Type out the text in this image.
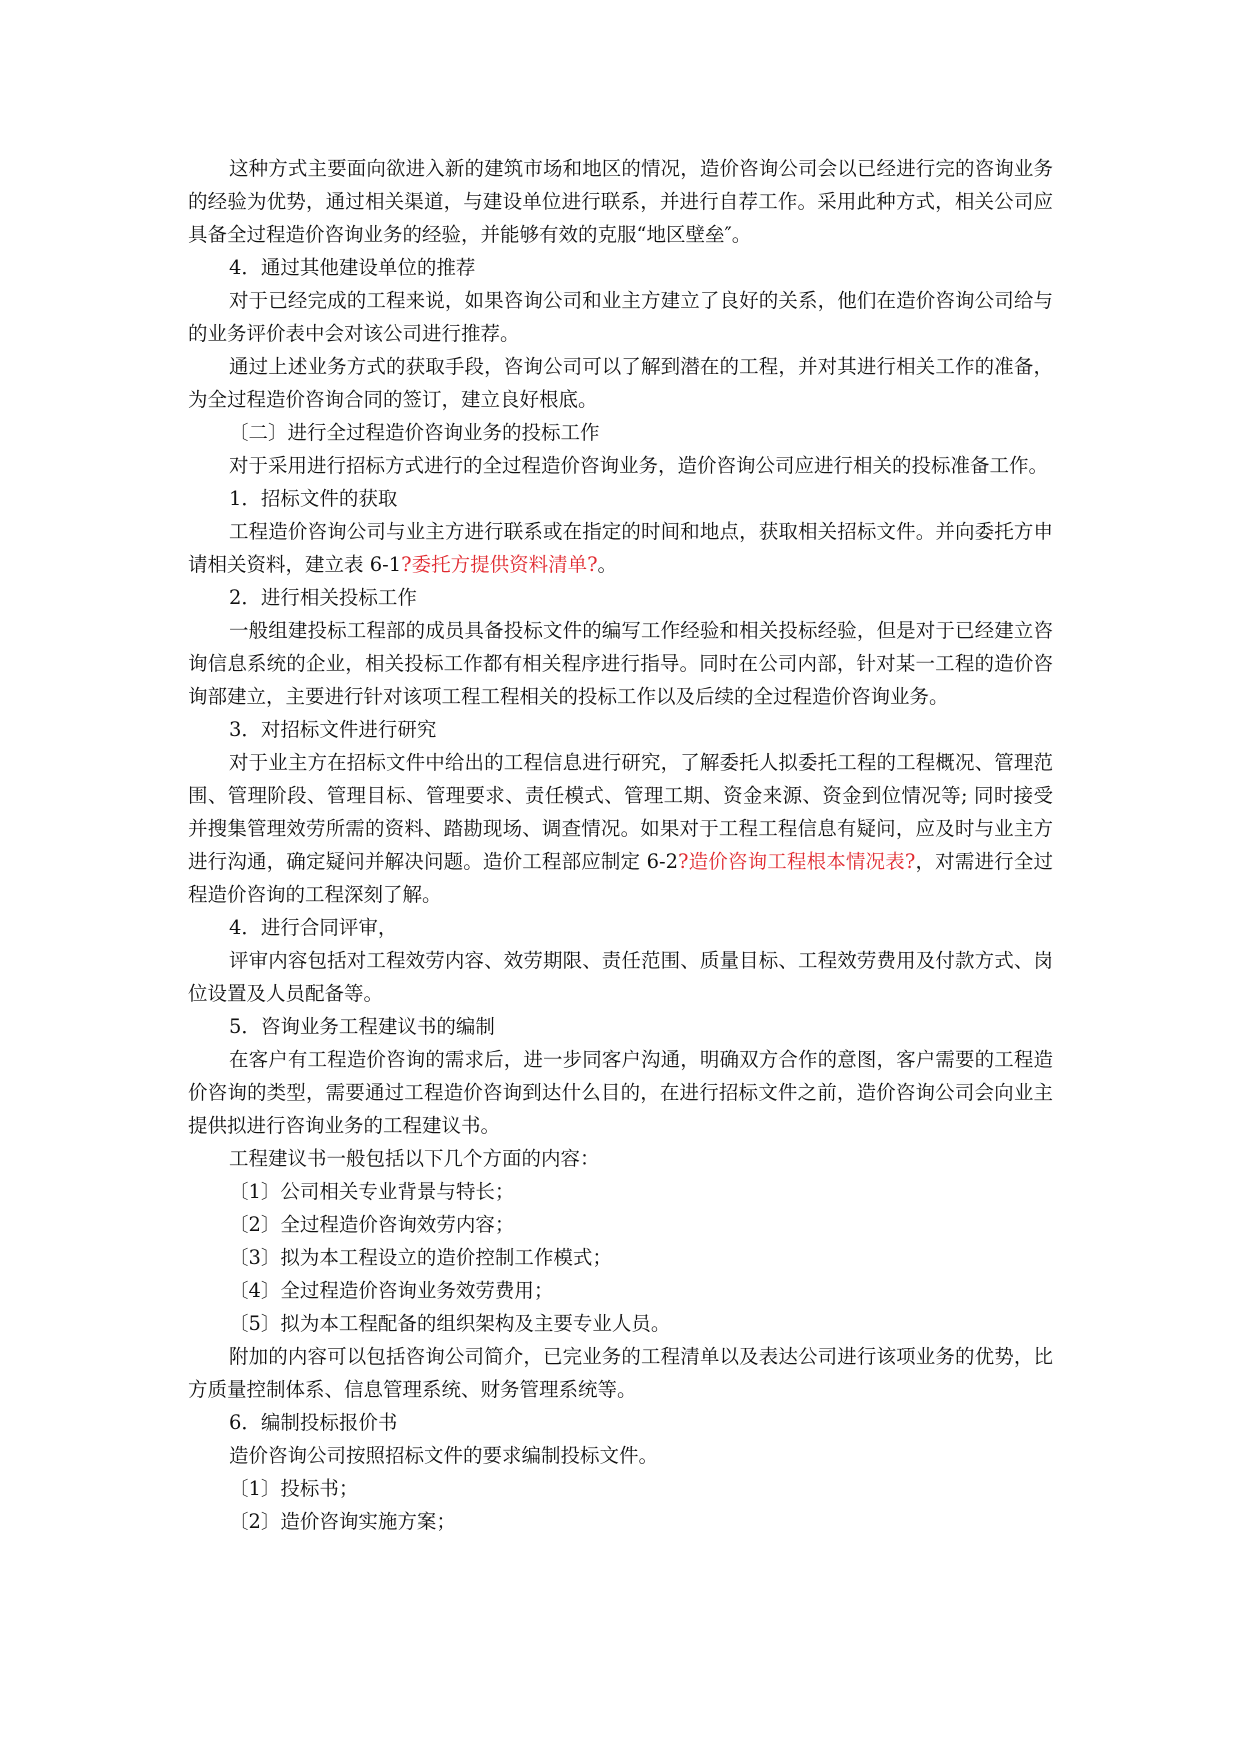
这种方式主要面向欲进入新的建筑市场和地区的情况，造价咨询公司会以已经进行完的咨询业务的经验为优势，通过相关渠道，与建设单位进行联系，并进行自荐工作。采用此种方式，相关公司应具备全过程造价咨询业务的经验，并能够有效的克服“地区壁垒″。

4．通过其他建设单位的推荐

对于已经完成的工程来说，如果咨询公司和业主方建立了良好的关系，他们在造价咨询公司给与的业务评价表中会对该公司进行推荐。

通过上述业务方式的获取手段，咨询公司可以了解到潜在的工程，并对其进行相关工作的准备，为全过程造价咨询合同的签订，建立良好根底。

〔二〕进行全过程造价咨询业务的投标工作

对于采用进行招标方式进行的全过程造价咨询业务，造价咨询公司应进行相关的投标准备工作。

1．招标文件的获取

工程造价咨询公司与业主方进行联系或在指定的时间和地点，获取相关招标文件。并向委托方申请相关资料，建立表 6-1?委托方提供资料清单?。

2．进行相关投标工作

一般组建投标工程部的成员具备投标文件的编写工作经验和相关投标经验，但是对于已经建立咨询信息系统的企业，相关投标工作都有相关程序进行指导。同时在公司内部，针对某一工程的造价咨询部建立，主要进行针对该项工程工程相关的投标工作以及后续的全过程造价咨询业务。

3．对招标文件进行研究

对于业主方在招标文件中给出的工程信息进行研究，了解委托人拟委托工程的工程概况、管理范围、管理阶段、管理目标、管理要求、责任模式、管理工期、资金来源、资金到位情况等; 同时接受并搜集管理效劳所需的资料、踏勘现场、调查情况。如果对于工程工程信息有疑问，应及时与业主方进行沟通，确定疑问并解决问题。造价工程部应制定 6-2?造价咨询工程根本情况表?，对需进行全过程造价咨询的工程深刻了解。

4．进行合同评审，

评审内容包括对工程效劳内容、效劳期限、责任范围、质量目标、工程效劳费用及付款方式、岗位设置及人员配备等。

5．咨询业务工程建议书的编制

在客户有工程造价咨询的需求后，进一步同客户沟通，明确双方合作的意图，客户需要的工程造价咨询的类型，需要通过工程造价咨询到达什么目的，在进行招标文件之前，造价咨询公司会向业主提供拟进行咨询业务的工程建议书。

工程建议书一般包括以下几个方面的内容：

〔1〕公司相关专业背景与特长；

〔2〕全过程造价咨询效劳内容；

〔3〕拟为本工程设立的造价控制工作模式；

〔4〕全过程造价咨询业务效劳费用；

〔5〕拟为本工程配备的组织架构及主要专业人员。

附加的内容可以包括咨询公司简介，已完业务的工程清单以及表达公司进行该项业务的优势，比方质量控制体系、信息管理系统、财务管理系统等。

6．编制投标报价书

造价咨询公司按照招标文件的要求编制投标文件。

〔1〕投标书；

〔2〕造价咨询实施方案；
